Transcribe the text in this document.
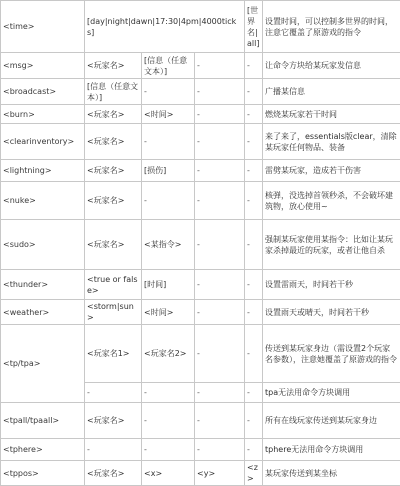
<time>	[day|night|dawn|17:30|4pm|4000ticks]			[世界名|all]	设置时间，可以控制多世界的时间，注意它覆盖了原游戏的指令
<msg>	<玩家名>	[信息（任意文本）]	-	-	让命令方块给某玩家发信息
<broadcast>	[信息（任意文本）]	-	-	-	广播某信息
<burn>	<玩家名>	<时间>	-	-	燃烧某玩家若干时间
<clearinventory>	<玩家名>	-	-	-	来了来了，essentials版clear，清除某玩家任何物品、装备
<lightning>	<玩家名>	[损伤]	-	-	雷劈某玩家，造成若干伤害
<nuke>	<玩家名>	-	-	-	核弹，没选掉首领秒杀，不会破坏建筑物，放心使用~
<sudo>	<玩家名>	<某指令>	-	-	强制某玩家使用某指令：比如让某玩家杀掉最近的玩家，或者让他自杀
<thunder>	<true or false>	[时间]	-	-	设置雷雨天，时间若干秒
<weather>	<storm|sun>	<时间>	-	-	设置雨天或晴天，时间若干秒
<tp/tpa>	<玩家名1>	<玩家名2>	-	-	传送到某玩家身边（需设置2个玩家名参数），注意她覆盖了原游戏的指令
	-	-	-	-	tpa无法用命令方块调用
<tpall/tpaall>	<玩家名>	-	-	-	所有在线玩家传送到某玩家身边
<tphere>	-	-	-	-	tphere无法用命令方块调用
<tppos>	<玩家名>	<x>	<y>	<z>	某玩家传送到某坐标
